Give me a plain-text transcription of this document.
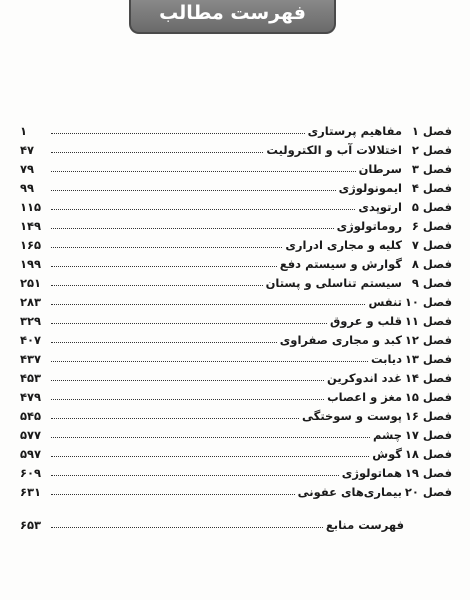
فهرست مطالب
فصل ۱
مفاهیم پرستاری
۱
فصل ۲
اختلالات آب و الکترولیت
۴۷
فصل ۳
سرطان
۷۹
فصل ۴
ایمونولوژی
۹۹
فصل ۵
ارتوپدی
۱۱۵
فصل ۶
روماتولوژی
۱۴۹
فصل ۷
کلیه و مجاری ادراری
۱۶۵
فصل ۸
گوارش و سیستم دفع
۱۹۹
فصل ۹
سیستم تناسلی و پستان
۲۵۱
فصل ۱۰
تنفس
۲۸۳
فصل ۱۱
قلب و عروق
۳۲۹
فصل ۱۲
کبد و مجاری صفراوی
۴۰۷
فصل ۱۳
دیابت
۴۳۷
فصل ۱۴
غدد اندوکرین
۴۵۳
فصل ۱۵
مغز و اعصاب
۴۷۹
فصل ۱۶
پوست و سوختگی
۵۴۵
فصل ۱۷
چشم
۵۷۷
فصل ۱۸
گوش
۵۹۷
فصل ۱۹
هماتولوژی
۶۰۹
فصل ۲۰
بیماری‌های عفونی
۶۳۱
فهرست منابع
۶۵۳
